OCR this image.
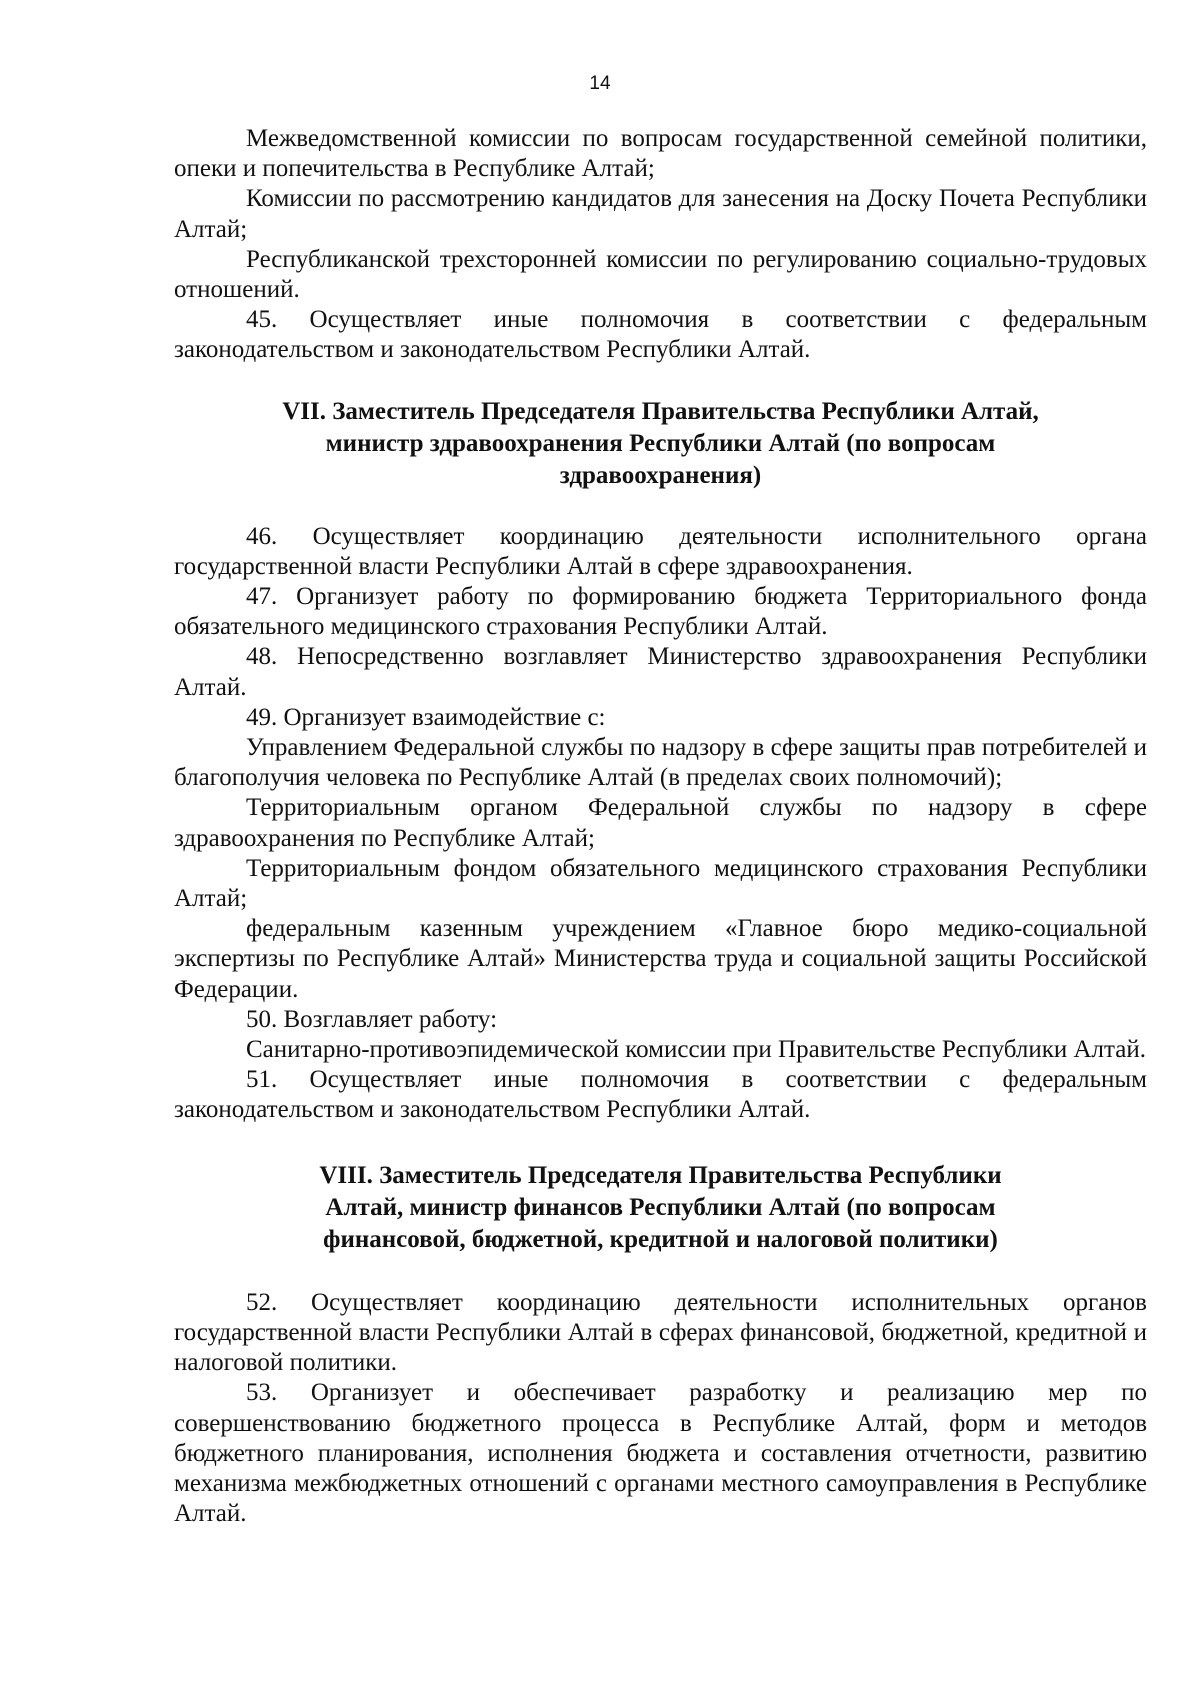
14

Межведомственной комиссии по вопросам государственной семейной политики, опеки и попечительства в Республике Алтай;

Комиссии по рассмотрению кандидатов для занесения на Доску Почета Республики Алтай;

Республиканской трехсторонней комиссии по регулированию социально-трудовых отношений.

45. Осуществляет иные полномочия в соответствии с федеральным законодательством и законодательством Республики Алтай.

VII. Заместитель Председателя Правительства Республики Алтай,
министр здравоохранения Республики Алтай (по вопросам
здравоохранения)

46. Осуществляет координацию деятельности исполнительного органа государственной власти Республики Алтай в сфере здравоохранения.

47. Организует работу по формированию бюджета Территориального фонда обязательного медицинского страхования Республики Алтай.

48. Непосредственно возглавляет Министерство здравоохранения Республики Алтай.

49. Организует взаимодействие с:

Управлением Федеральной службы по надзору в сфере защиты прав потребителей и благополучия человека по Республике Алтай (в пределах своих полномочий);

Территориальным органом Федеральной службы по надзору в сфере здравоохранения по Республике Алтай;

Территориальным фондом обязательного медицинского страхования Республики Алтай;

федеральным казенным учреждением «Главное бюро медико-социальной экспертизы по Республике Алтай» Министерства труда и социальной защиты Российской Федерации.

50. Возглавляет работу:

Санитарно-противоэпидемической комиссии при Правительстве Республики Алтай.

51. Осуществляет иные полномочия в соответствии с федеральным законодательством и законодательством Республики Алтай.

VIII. Заместитель Председателя Правительства Республики
Алтай, министр финансов Республики Алтай (по вопросам
финансовой, бюджетной, кредитной и налоговой политики)

52. Осуществляет координацию деятельности исполнительных органов государственной власти Республики Алтай в сферах финансовой, бюджетной, кредитной и налоговой политики.

53. Организует и обеспечивает разработку и реализацию мер по совершенствованию бюджетного процесса в Республике Алтай, форм и методов бюджетного планирования, исполнения бюджета и составления отчетности, развитию механизма межбюджетных отношений с органами местного самоуправления в Республике Алтай.
